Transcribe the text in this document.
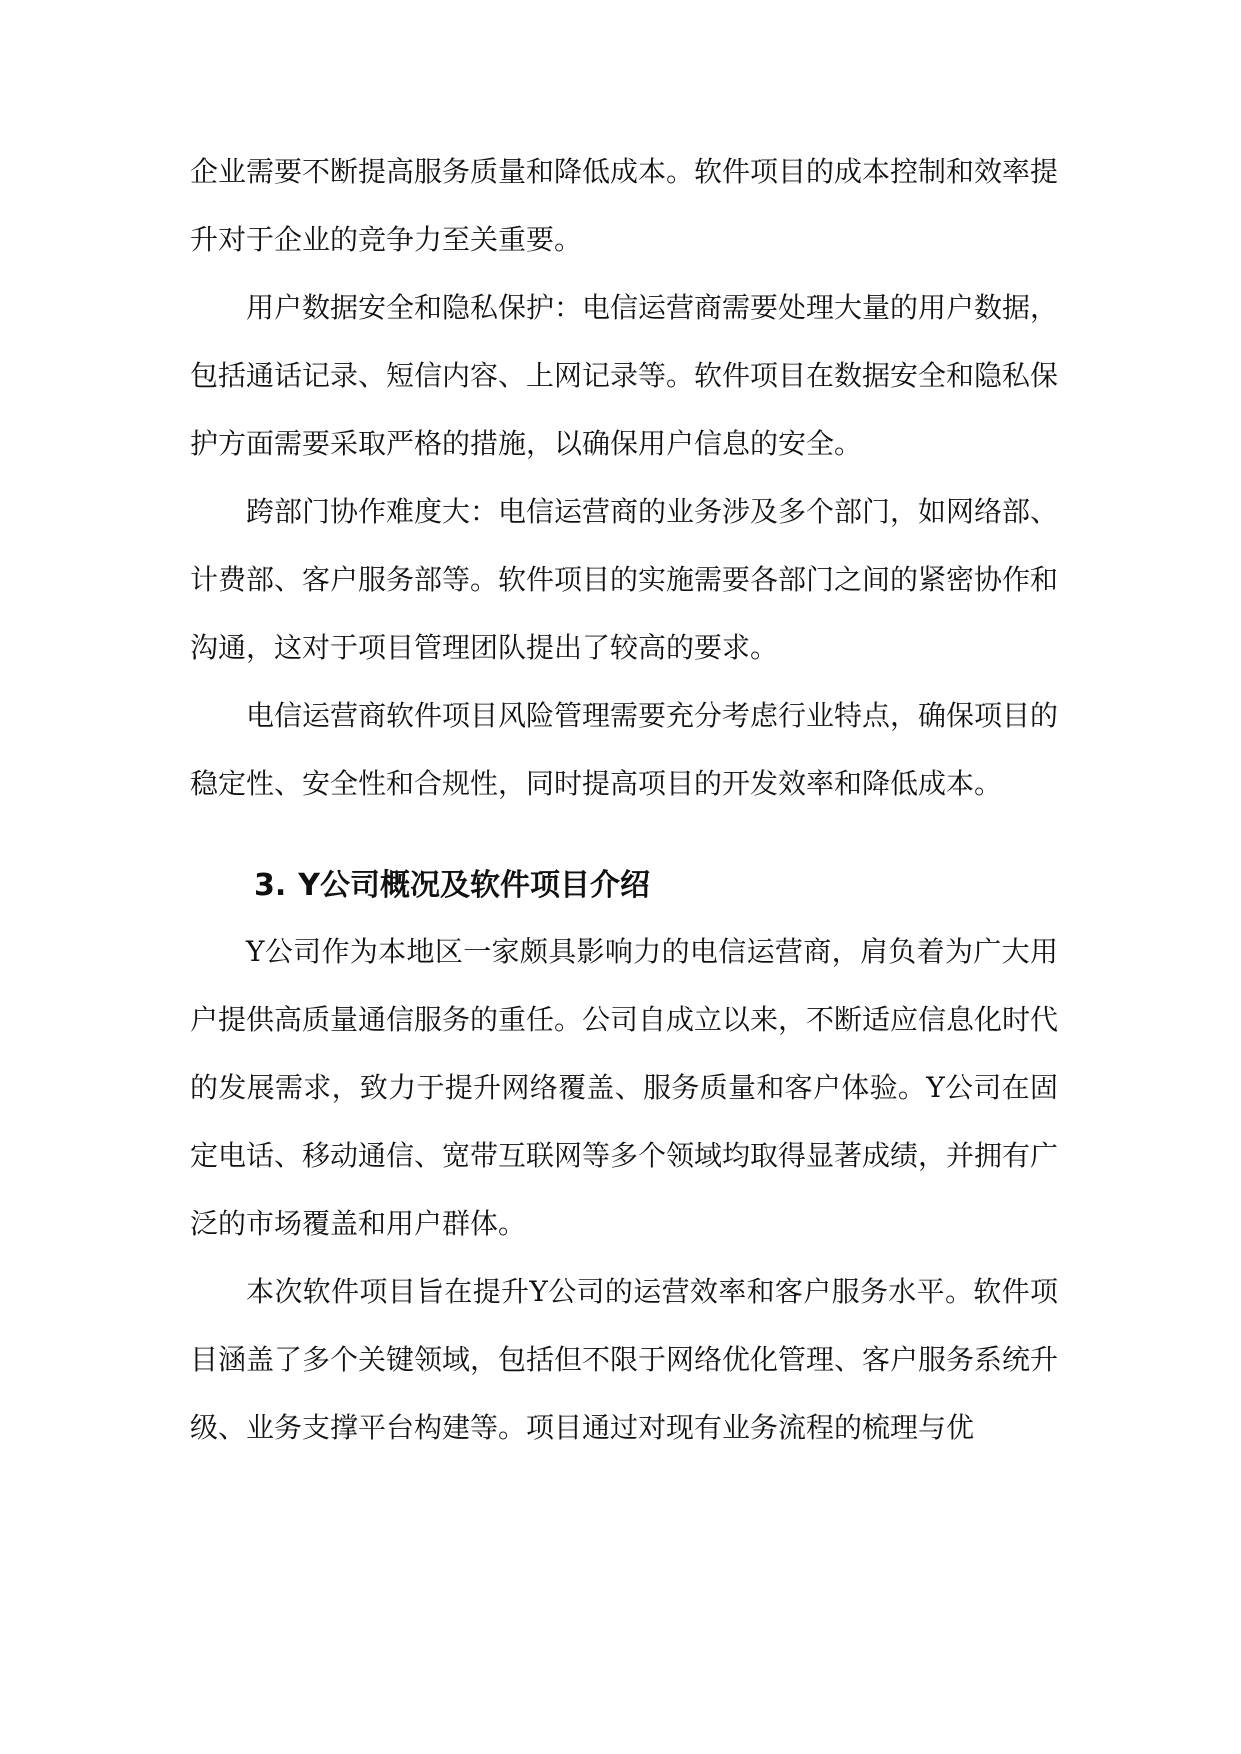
企业需要不断提高服务质量和降低成本。软件项目的成本控制和效率提升对于企业的竞争力至关重要。

用户数据安全和隐私保护：电信运营商需要处理大量的用户数据，包括通话记录、短信内容、上网记录等。软件项目在数据安全和隐私保护方面需要采取严格的措施，以确保用户信息的安全。

跨部门协作难度大：电信运营商的业务涉及多个部门，如网络部、计费部、客户服务部等。软件项目的实施需要各部门之间的紧密协作和沟通，这对于项目管理团队提出了较高的要求。

电信运营商软件项目风险管理需要充分考虑行业特点，确保项目的稳定性、安全性和合规性，同时提高项目的开发效率和降低成本。

3. Y公司概况及软件项目介绍

Y公司作为本地区一家颇具影响力的电信运营商，肩负着为广大用户提供高质量通信服务的重任。公司自成立以来，不断适应信息化时代的发展需求，致力于提升网络覆盖、服务质量和客户体验。Y公司在固定电话、移动通信、宽带互联网等多个领域均取得显著成绩，并拥有广泛的市场覆盖和用户群体。

本次软件项目旨在提升Y公司的运营效率和客户服务水平。软件项目涵盖了多个关键领域，包括但不限于网络优化管理、客户服务系统升级、业务支撑平台构建等。项目通过对现有业务流程的梳理与优
